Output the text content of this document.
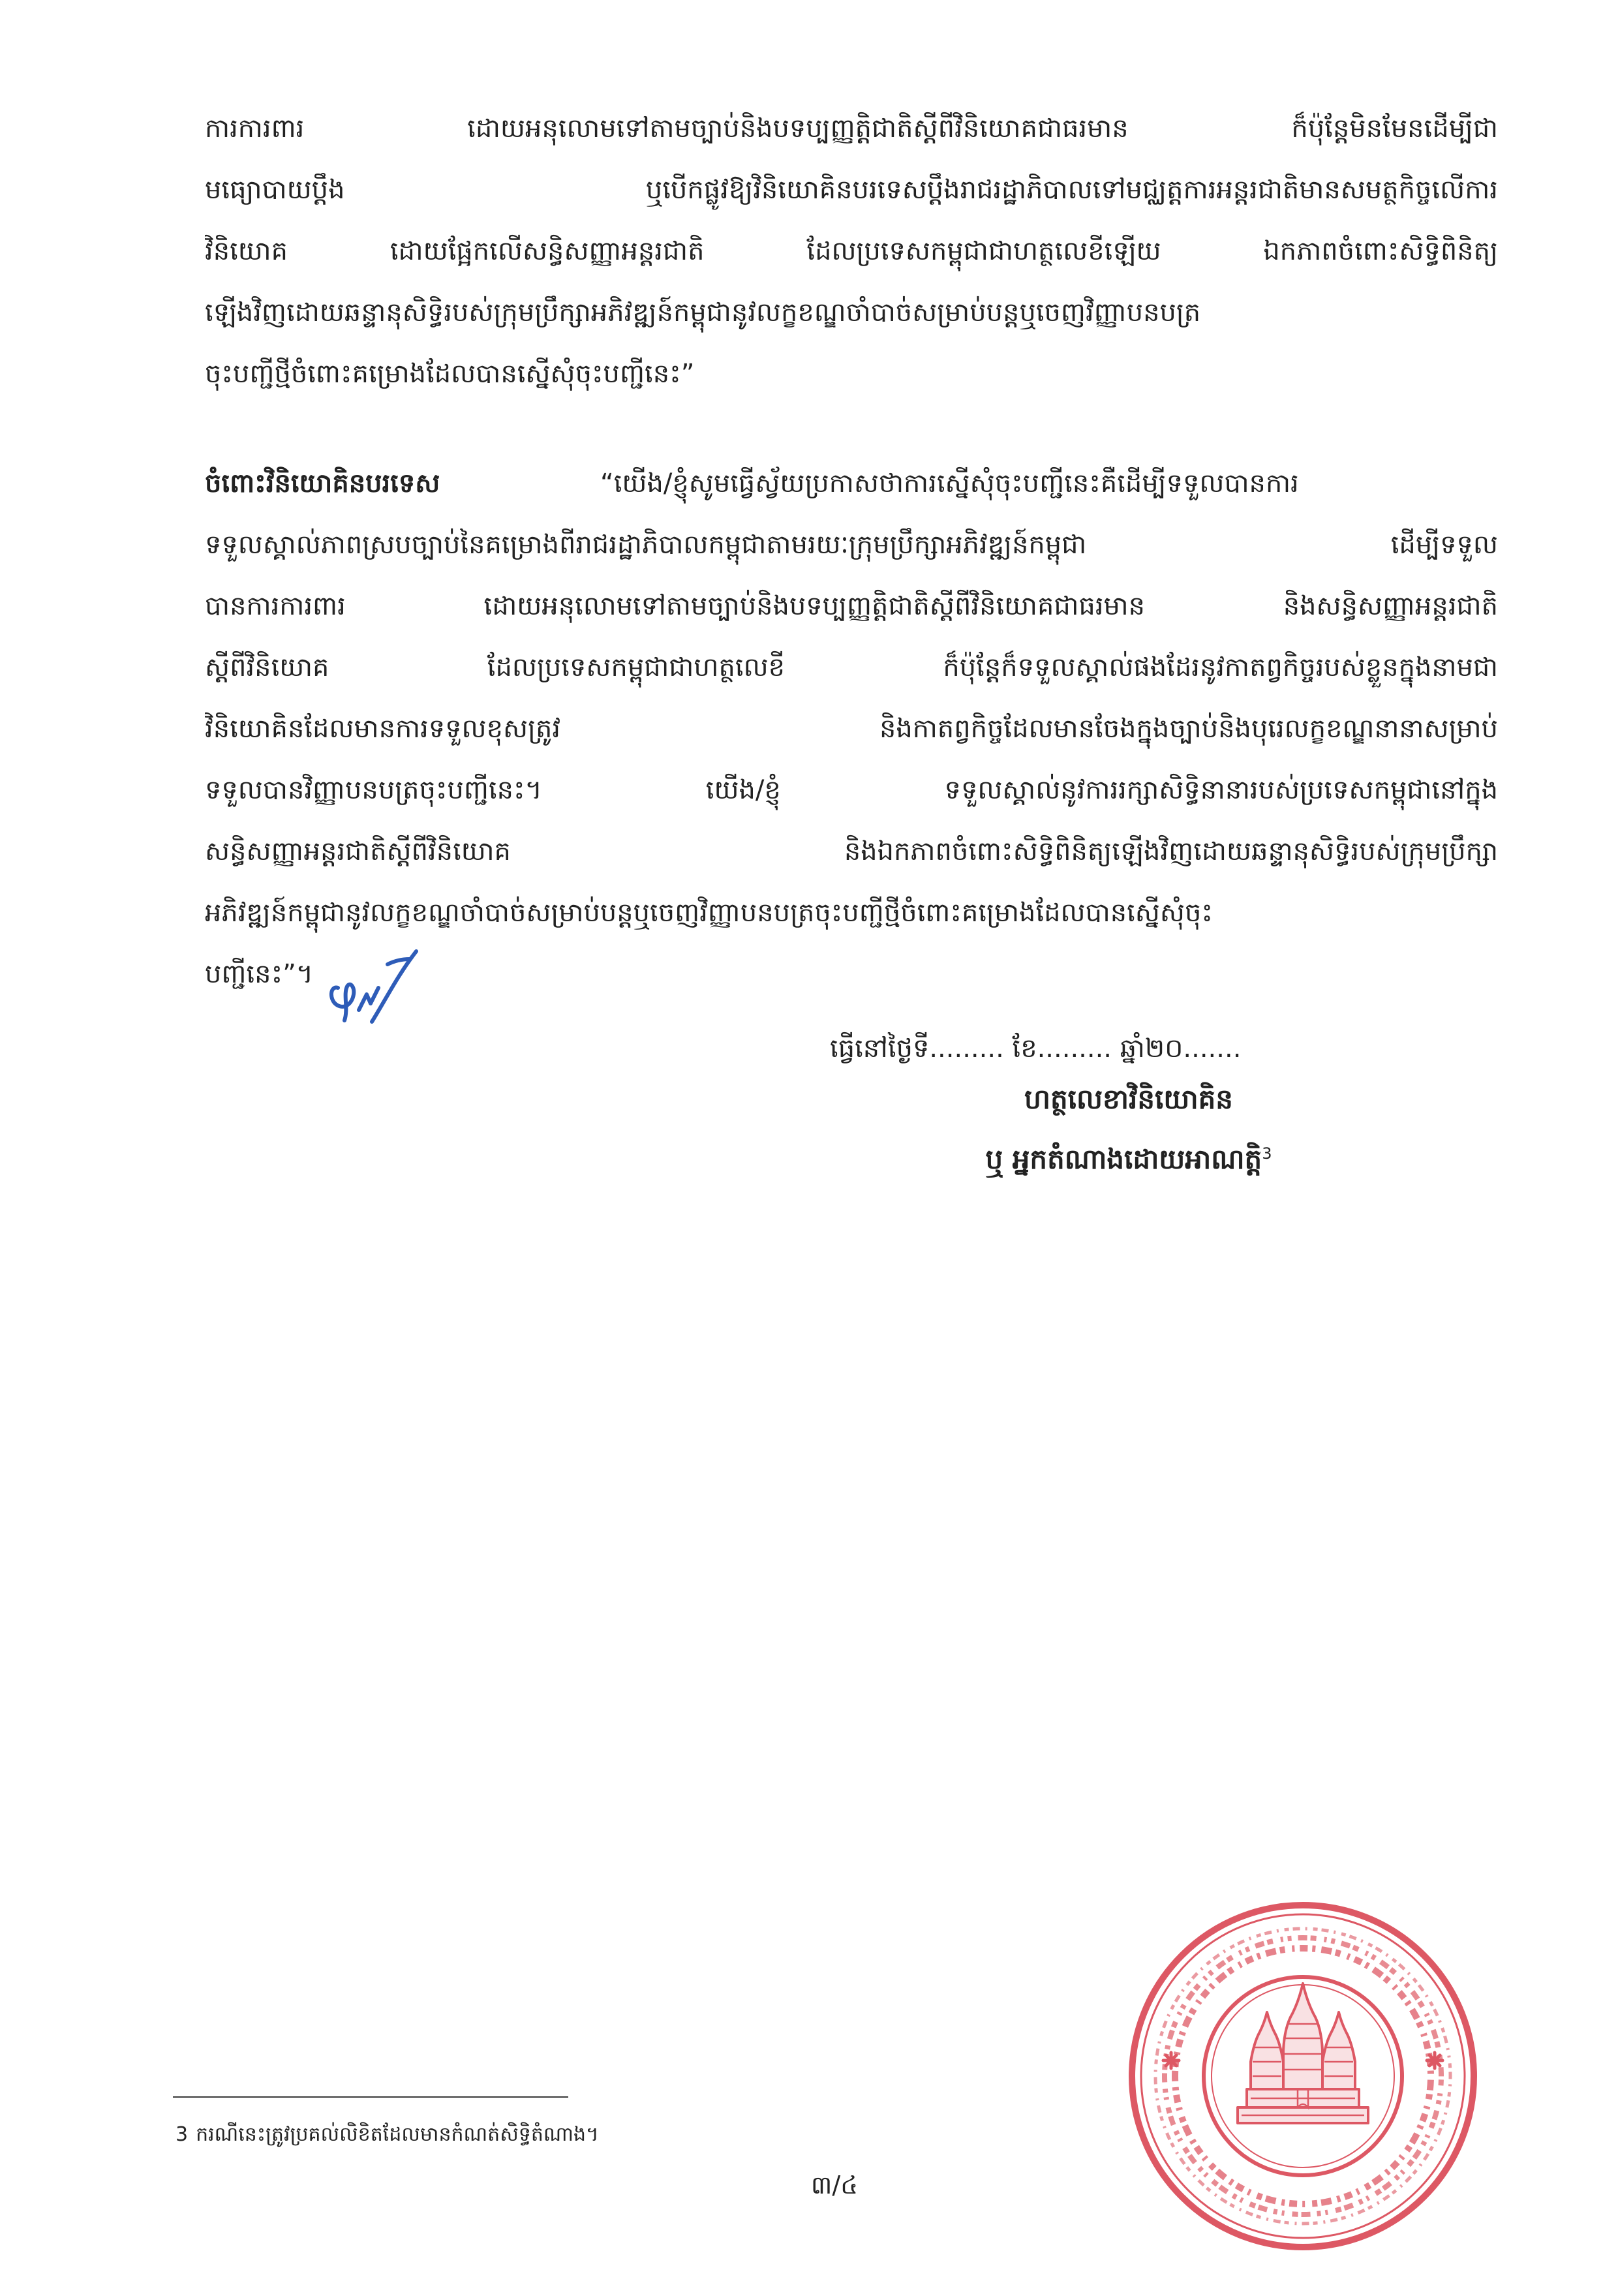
ការការពារ ដោយអនុលោមទៅតាមច្បាប់និងបទប្បញ្ញត្តិជាតិស្តីពីវិនិយោគជាធរមាន ក៏ប៉ុន្តែមិនមែនដើម្បីជា
មធ្យោបាយប្តឹង ឬបើកផ្លូវឱ្យវិនិយោគិនបរទេសប្តឹងរាជរដ្ឋាភិបាលទៅមជ្ឈត្តការអន្តរជាតិមានសមត្ថកិច្ចលើការ
វិនិយោគ ដោយផ្អែកលើសន្ធិសញ្ញាអន្តរជាតិ ដែលប្រទេសកម្ពុជាជាហត្ថលេខីឡើយ ឯកភាពចំពោះសិទ្ធិពិនិត្យ
ឡើងវិញដោយឆន្ទានុសិទ្ធិរបស់ក្រុមប្រឹក្សាអភិវឌ្ឍន៍កម្ពុជានូវលក្ខខណ្ឌចាំបាច់សម្រាប់បន្តឬចេញវិញ្ញាបនបត្រ
ចុះបញ្ជីថ្មីចំពោះគម្រោងដែលបានស្នើសុំចុះបញ្ជីនេះ”
ចំពោះវិនិយោគិនបរទេស	“យើង/ខ្ញុំសូមធ្វើស្វ័យប្រកាសថាការស្នើសុំចុះបញ្ជីនេះគឺដើម្បីទទួលបានការ
ទទួលស្គាល់ភាពស្របច្បាប់នៃគម្រោងពីរាជរដ្ឋាភិបាលកម្ពុជាតាមរយៈក្រុមប្រឹក្សាអភិវឌ្ឍន៍កម្ពុជា ដើម្បីទទួល
បានការការពារ ដោយអនុលោមទៅតាមច្បាប់និងបទប្បញ្ញត្តិជាតិស្តីពីវិនិយោគជាធរមាន និងសន្ធិសញ្ញាអន្តរជាតិ
ស្តីពីវិនិយោគ ដែលប្រទេសកម្ពុជាជាហត្ថលេខី ក៏ប៉ុន្តែក៏ទទួលស្គាល់ផងដែរនូវកាតព្វកិច្ចរបស់ខ្លួនក្នុងនាមជា
វិនិយោគិនដែលមានការទទួលខុសត្រូវ និងកាតព្វកិច្ចដែលមានចែងក្នុងច្បាប់និងបុរេលក្ខខណ្ឌនានាសម្រាប់
ទទួលបានវិញ្ញាបនបត្រចុះបញ្ជីនេះ។ យើង/ខ្ញុំ ទទួលស្គាល់នូវការរក្សាសិទ្ធិនានារបស់ប្រទេសកម្ពុជានៅក្នុង
សន្ធិសញ្ញាអន្តរជាតិស្តីពីវិនិយោគ និងឯកភាពចំពោះសិទ្ធិពិនិត្យឡើងវិញដោយឆន្ទានុសិទ្ធិរបស់ក្រុមប្រឹក្សា
អភិវឌ្ឍន៍កម្ពុជានូវលក្ខខណ្ឌចាំបាច់សម្រាប់បន្តឬចេញវិញ្ញាបនបត្រចុះបញ្ជីថ្មីចំពោះគម្រោងដែលបានស្នើសុំចុះ
បញ្ជីនេះ”។
ធ្វើនៅថ្ងៃទី......... ខែ......... ឆ្នាំ២០.......
ហត្ថលេខាវិនិយោគិន
ឬ អ្នកតំណាងដោយអាណត្តិ$^3$
3 ករណីនេះត្រូវប្រគល់លិខិតដែលមានកំណត់សិទ្ធិតំណាង។
៣/៤
